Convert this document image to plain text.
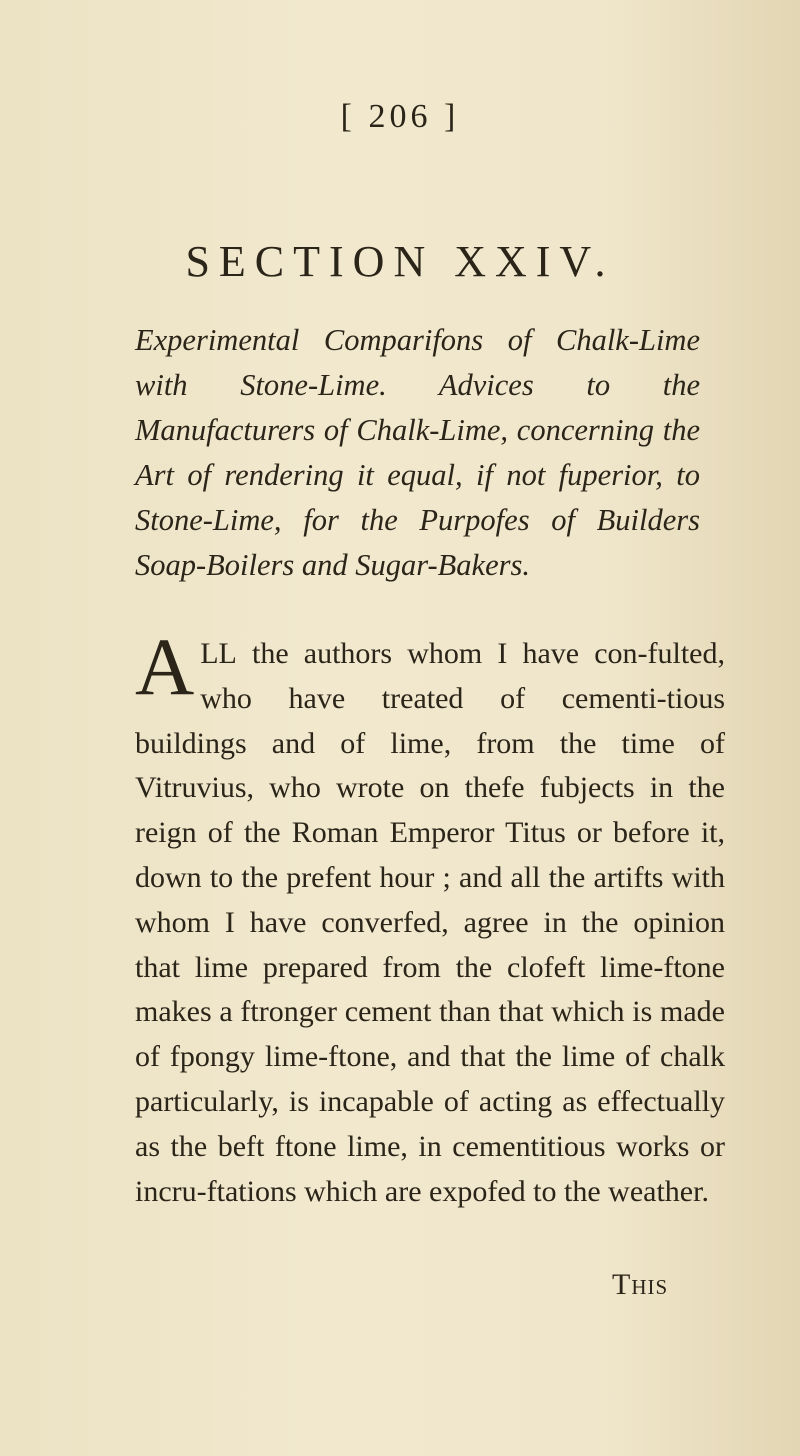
[ 206 ]
SECTION XXIV.
Experimental Comparifons of Chalk-Lime with Stone-Lime. Advices to the Manufacturers of Chalk-Lime, concerning the Art of rendering it equal, if not fuperior, to Stone-Lime, for the Purpofes of Builders Soap-Boilers and Sugar-Bakers.
ALL the authors whom I have con-fulted, who have treated of cementi-tious buildings and of lime, from the time of Vitruvius, who wrote on thefe fubjects in the reign of the Roman Emperor Titus or before it, down to the prefent hour ; and all the artifts with whom I have converfed, agree in the opinion that lime prepared from the clofeft lime-ftone makes a ftronger cement than that which is made of fpongy lime-ftone, and that the lime of chalk particularly, is incapable of acting as effectually as the beft ftone lime, in cementitious works or incru-ftations which are expofed to the weather.
This
